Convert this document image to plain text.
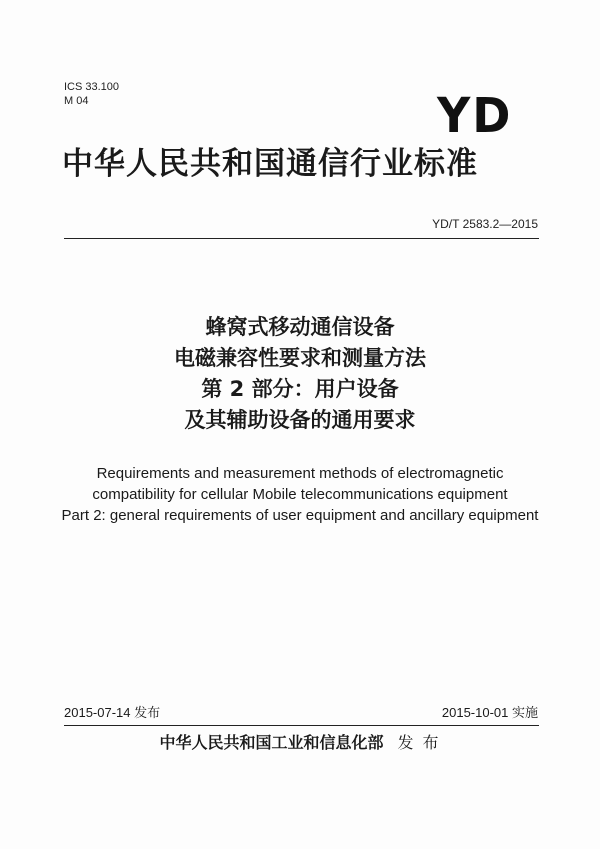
ICS 33.100
M 04	YD
中华人民共和国通信行业标准
YD/T 2583.2—2015
蜂窝式移动通信设备
电磁兼容性要求和测量方法
第 2 部分：用户设备
及其辅助设备的通用要求
Requirements and measurement methods of electromagnetic
compatibility for cellular Mobile telecommunications equipment
Part 2: general requirements of user equipment and ancillary equipment
2015-07-14 发布	2015-10-01 实施
中华人民共和国工业和信息化部 发 布
